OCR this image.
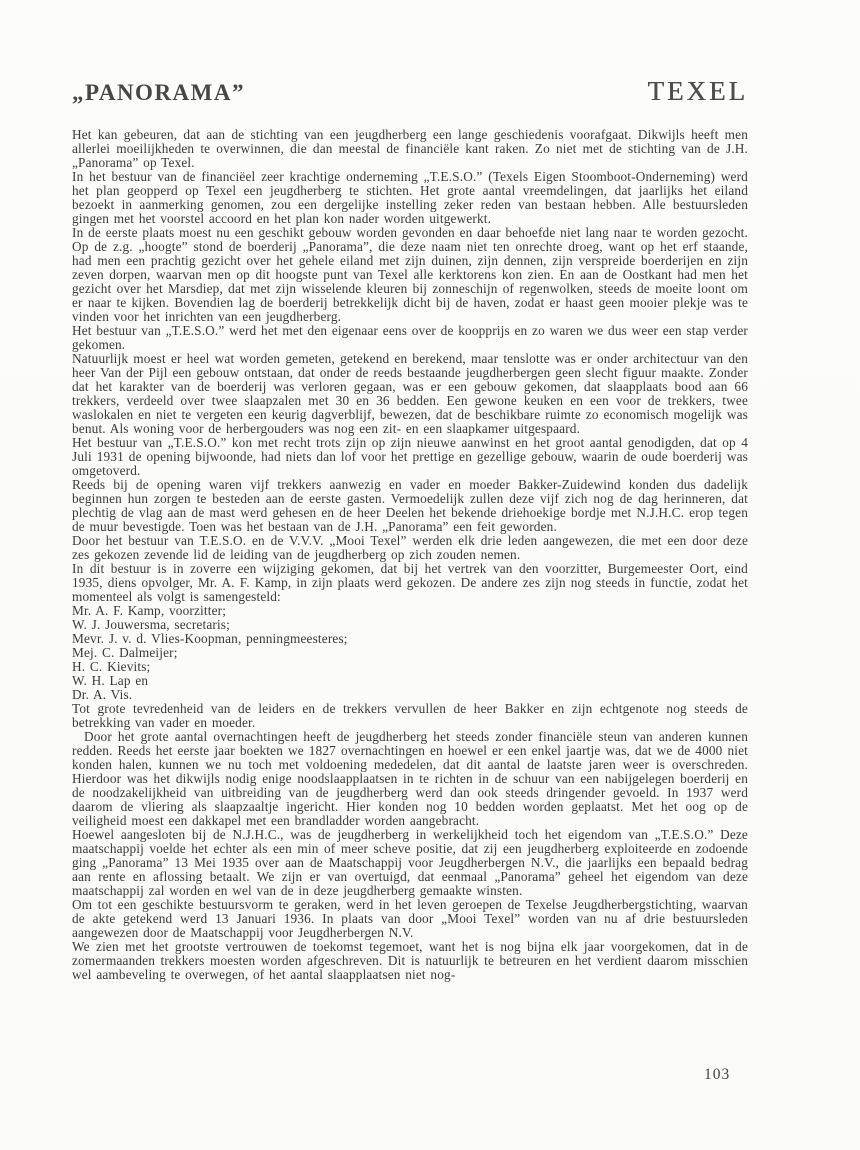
„PANORAMA”	TEXEL

Het kan gebeuren, dat aan de stichting van een jeugdherberg een lange geschiedenis voorafgaat. Dikwijls heeft men allerlei moeilijkheden te overwinnen, die dan meestal de financiële kant raken. Zo niet met de stichting van de J.H. „Panorama” op Texel.

In het bestuur van de financiëel zeer krachtige onderneming „T.E.S.O.” (Texels Eigen Stoomboot-Onderneming) werd het plan geopperd op Texel een jeugdherberg te stichten. Het grote aantal vreemdelingen, dat jaarlijks het eiland bezoekt in aanmerking genomen, zou een dergelijke instelling zeker reden van bestaan hebben. Alle bestuursleden gingen met het voorstel accoord en het plan kon nader worden uitgewerkt.

In de eerste plaats moest nu een geschikt gebouw worden gevonden en daar behoefde niet lang naar te worden gezocht. Op de z.g. „hoogte” stond de boerderij „Panorama”, die deze naam niet ten onrechte droeg, want op het erf staande, had men een prachtig gezicht over het gehele eiland met zijn duinen, zijn dennen, zijn verspreide boerderijen en zijn zeven dorpen, waarvan men op dit hoogste punt van Texel alle kerktorens kon zien. En aan de Oostkant had men het gezicht over het Marsdiep, dat met zijn wisselende kleuren bij zonneschijn of regenwolken, steeds de moeite loont om er naar te kijken. Bovendien lag de boerderij betrekkelijk dicht bij de haven, zodat er haast geen mooier plekje was te vinden voor het inrichten van een jeugdherberg.

Het bestuur van „T.E.S.O.” werd het met den eigenaar eens over de koopprijs en zo waren we dus weer een stap verder gekomen.

Natuurlijk moest er heel wat worden gemeten, getekend en berekend, maar tenslotte was er onder architectuur van den heer Van der Pijl een gebouw ontstaan, dat onder de reeds bestaande jeugdherbergen geen slecht figuur maakte. Zonder dat het karakter van de boerderij was verloren gegaan, was er een gebouw gekomen, dat slaapplaats bood aan 66 trekkers, verdeeld over twee slaapzalen met 30 en 36 bedden. Een gewone keuken en een voor de trekkers, twee waslokalen en niet te vergeten een keurig dagverblijf, bewezen, dat de beschikbare ruimte zo economisch mogelijk was benut. Als woning voor de herbergouders was nog een zit- en een slaapkamer uitgespaard.

Het bestuur van „T.E.S.O.” kon met recht trots zijn op zijn nieuwe aanwinst en het groot aantal genodigden, dat op 4 Juli 1931 de opening bijwoonde, had niets dan lof voor het prettige en gezellige gebouw, waarin de oude boerderij was omgetoverd.

Reeds bij de opening waren vijf trekkers aanwezig en vader en moeder Bakker-Zuidewind konden dus dadelijk beginnen hun zorgen te besteden aan de eerste gasten. Vermoedelijk zullen deze vijf zich nog de dag herinneren, dat plechtig de vlag aan de mast werd gehesen en de heer Deelen het bekende driehoekige bordje met N.J.H.C. erop tegen de muur bevestigde. Toen was het bestaan van de J.H. „Panorama” een feit geworden.

Door het bestuur van T.E.S.O. en de V.V.V. „Mooi Texel” werden elk drie leden aangewezen, die met een door deze zes gekozen zevende lid de leiding van de jeugdherberg op zich zouden nemen.

In dit bestuur is in zoverre een wijziging gekomen, dat bij het vertrek van den voorzitter, Burgemeester Oort, eind 1935, diens opvolger, Mr. A. F. Kamp, in zijn plaats werd gekozen. De andere zes zijn nog steeds in functie, zodat het momenteel als volgt is samengesteld:

Mr. A. F. Kamp, voorzitter;

W. J. Jouwersma, secretaris;

Mevr. J. v. d. Vlies-Koopman, penningmeesteres;

Mej. C. Dalmeijer;

H. C. Kievits;

W. H. Lap en

Dr. A. Vis.

Tot grote tevredenheid van de leiders en de trekkers vervullen de heer Bakker en zijn echtgenote nog steeds de betrekking van vader en moeder.

Door het grote aantal overnachtingen heeft de jeugdherberg het steeds zonder financiële steun van anderen kunnen redden. Reeds het eerste jaar boekten we 1827 overnachtingen en hoewel er een enkel jaartje was, dat we de 4000 niet konden halen, kunnen we nu toch met voldoening mededelen, dat dit aantal de laatste jaren weer is overschreden. Hierdoor was het dikwijls nodig enige noodslaapplaatsen in te richten in de schuur van een nabijgelegen boerderij en de noodzakelijkheid van uitbreiding van de jeugdherberg werd dan ook steeds dringender gevoeld. In 1937 werd daarom de vliering als slaapzaaltje ingericht. Hier konden nog 10 bedden worden geplaatst. Met het oog op de veiligheid moest een dakkapel met een brandladder worden aangebracht.

Hoewel aangesloten bij de N.J.H.C., was de jeugdherberg in werkelijkheid toch het eigendom van „T.E.S.O.” Deze maatschappij voelde het echter als een min of meer scheve positie, dat zij een jeugdherberg exploiteerde en zodoende ging „Panorama” 13 Mei 1935 over aan de Maatschappij voor Jeugdherbergen N.V., die jaarlijks een bepaald bedrag aan rente en aflossing betaalt. We zijn er van overtuigd, dat eenmaal „Panorama” geheel het eigendom van deze maatschappij zal worden en wel van de in deze jeugdherberg gemaakte winsten.

Om tot een geschikte bestuursvorm te geraken, werd in het leven geroepen de Texelse Jeugdherbergstichting, waarvan de akte getekend werd 13 Januari 1936. In plaats van door „Mooi Texel” worden van nu af drie bestuursleden aangewezen door de Maatschappij voor Jeugdherbergen N.V.

We zien met het grootste vertrouwen de toekomst tegemoet, want het is nog bijna elk jaar voorgekomen, dat in de zomermaanden trekkers moesten worden afgeschreven. Dit is natuurlijk te betreuren en het verdient daarom misschien wel aambeveling te overwegen, of het aantal slaapplaatsen niet nog-

103
